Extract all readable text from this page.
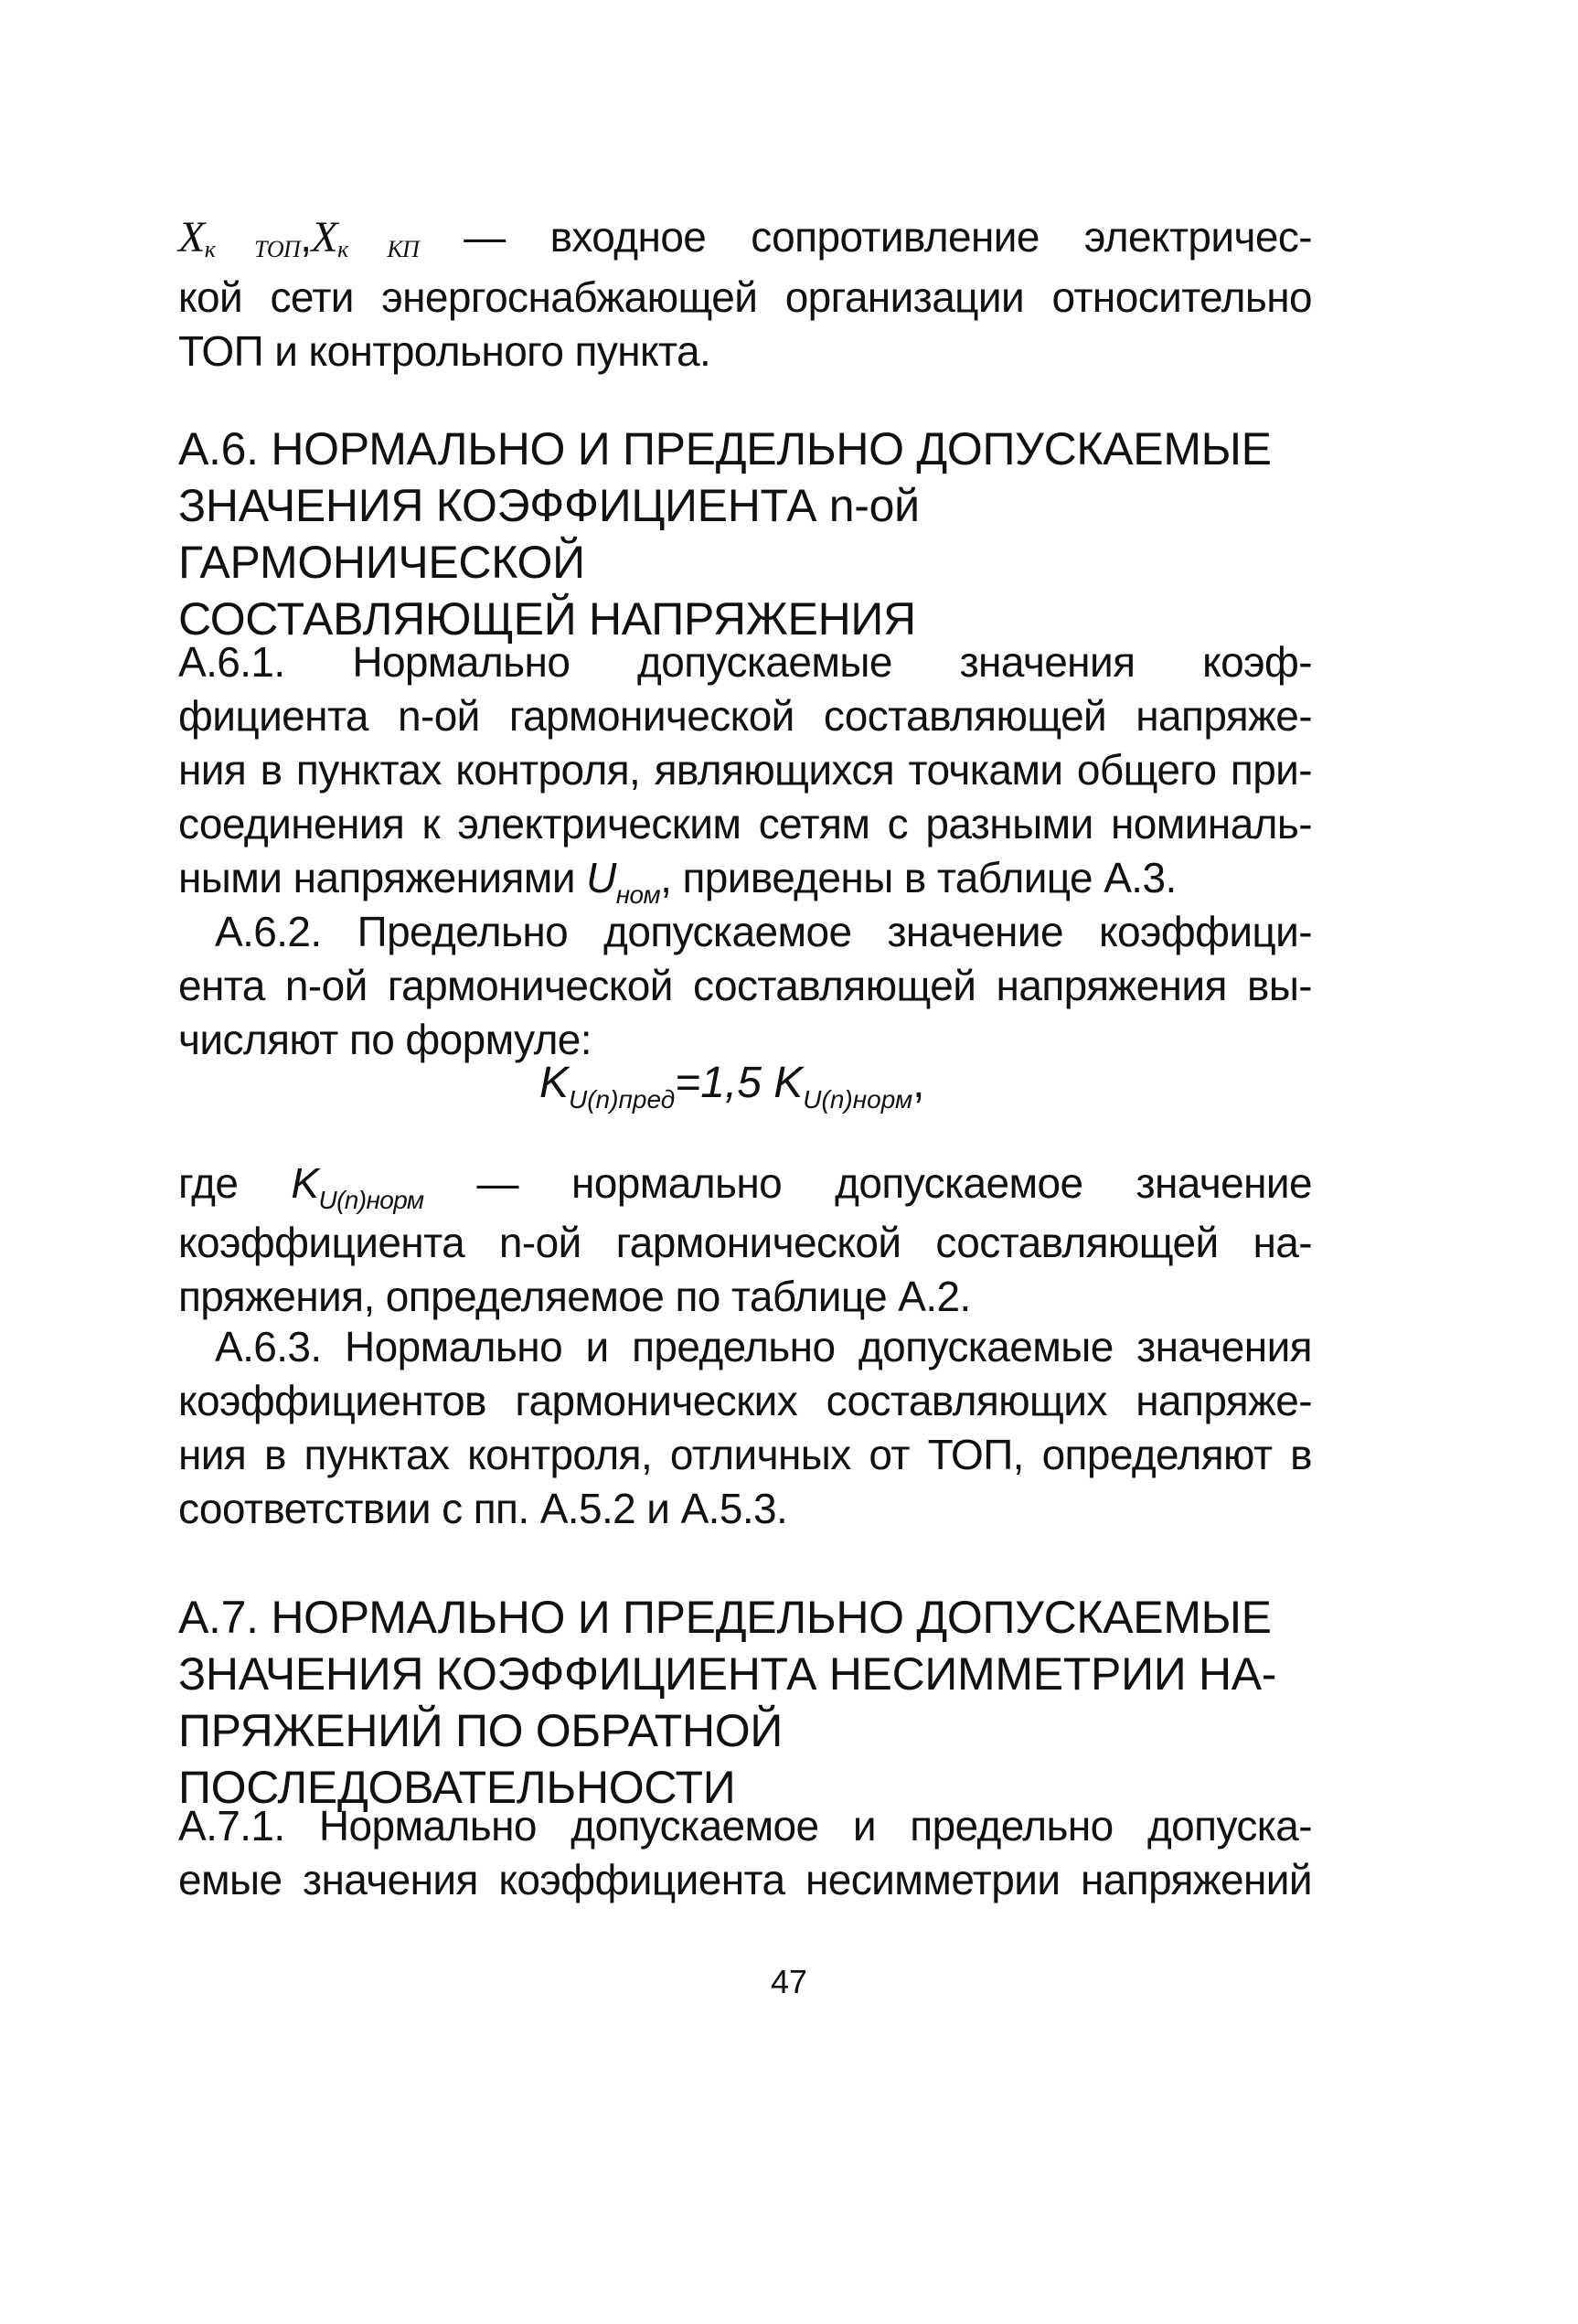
Xк ТОП,Xк КП — входное сопротивление электричес-

кой сети энергоснабжающей организации относительно

ТОП и контрольного пункта.

А.6. НОРМАЛЬНО И ПРЕДЕЛЬНО ДОПУСКАЕМЫЕ
ЗНАЧЕНИЯ КОЭФФИЦИЕНТА n-ой ГАРМОНИЧЕСКОЙ
СОСТАВЛЯЮЩЕЙ НАПРЯЖЕНИЯ

А.6.1. Нормально допускаемые значения коэф-

фициента n-ой гармонической составляющей напряже-

ния в пунктах контроля, являющихся точками общего при-

соединения к электрическим сетям с разными номиналь-

ными напряжениями $U_{ном}$, приведены в таблице А.3.

А.6.2. Предельно допускаемое значение коэффици-

ента n-ой гармонической составляющей напряжения вы-

числяют по формуле:

$K_{U(n)пред}=1,5$ $K_{U(n)норм}$,

где $K_{U(n)норм}$ — нормально допускаемое значение

коэффициента n-ой гармонической составляющей на-

пряжения, определяемое по таблице А.2.

А.6.3. Нормально и предельно допускаемые значения

коэффициентов гармонических составляющих напряже-

ния в пунктах контроля, отличных от ТОП, определяют в

соответствии с пп. А.5.2 и А.5.3.

А.7. НОРМАЛЬНО И ПРЕДЕЛЬНО ДОПУСКАЕМЫЕ
ЗНАЧЕНИЯ КОЭФФИЦИЕНТА НЕСИММЕТРИИ НА-
ПРЯЖЕНИЙ ПО ОБРАТНОЙ ПОСЛЕДОВАТЕЛЬНОСТИ

А.7.1. Нормально допускаемое и предельно допуска-

емые значения коэффициента несимметрии напряжений

47
